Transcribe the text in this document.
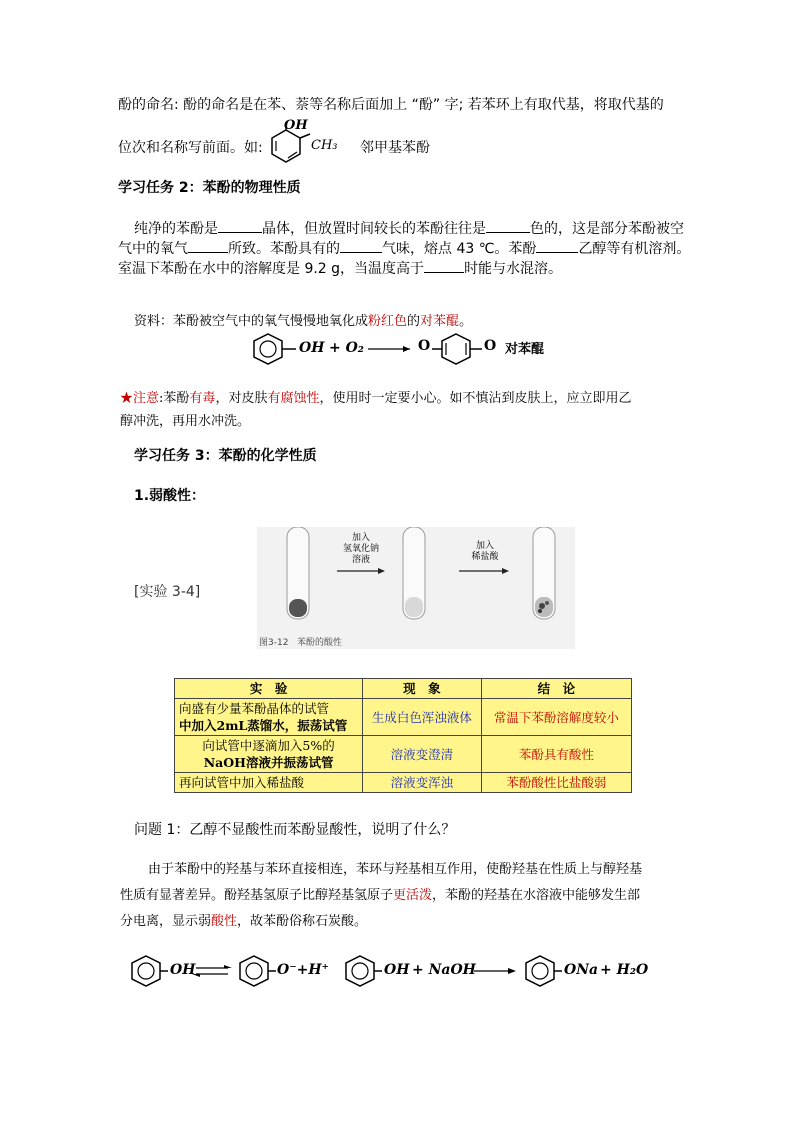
酚的命名: 酚的命名是在苯、萘等名称后面加上 “酚” 字; 若苯环上有取代基，将取代基的
位次和名称写前面。如:
OH
CH₃ 邻甲基苯酚
学习任务 2：苯酚的物理性质
纯净的苯酚是	晶体，但放置时间较长的苯酚往往是	色的，这是部分苯酚被空
气中的氧气	所致。苯酚具有的	气味，熔点 43 ℃。苯酚	乙醇等有机溶剂。
室温下苯酚在水中的溶解度是 9.2 g，当温度高于	时能与水混溶。
资料：苯酚被空气中的氧气慢慢地氧化成粉红色的对苯醌。
OH + O₂	O	O 对苯醌
★注意:苯酚有毒，对皮肤有腐蚀性，使用时一定要小心。如不慎沾到皮肤上，应立即用乙
醇冲洗，再用水冲洗。
学习任务 3：苯酚的化学性质
1.弱酸性：
[实验 3-4]
加入
氢氧化钠
溶液
加入
稀盐酸
图3-12 苯酚的酸性
实　验	现　象	结　论

向盛有少量苯酚晶体的试管
中加入2mL蒸馏水，振荡试管	生成白色浑浊液体	常温下苯酚溶解度较小

向试管中逐滴加入5%的
NaOH溶液并振荡试管	溶液变澄清	苯酚具有酸性
再向试管中加入稀盐酸	溶液变浑浊	苯酚酸性比盐酸弱
问题 1：乙醇不显酸性而苯酚显酸性，说明了什么？
由于苯酚中的羟基与苯环直接相连，苯环与羟基相互作用，使酚羟基在性质上与醇羟基
性质有显著差异。酚羟基氢原子比醇羟基氢原子更活泼，苯酚的羟基在水溶液中能够发生部
分电离，显示弱酸性，故苯酚俗称石炭酸。
OH	O⁻+H⁺	OH + NaOH	ONa + H₂O
